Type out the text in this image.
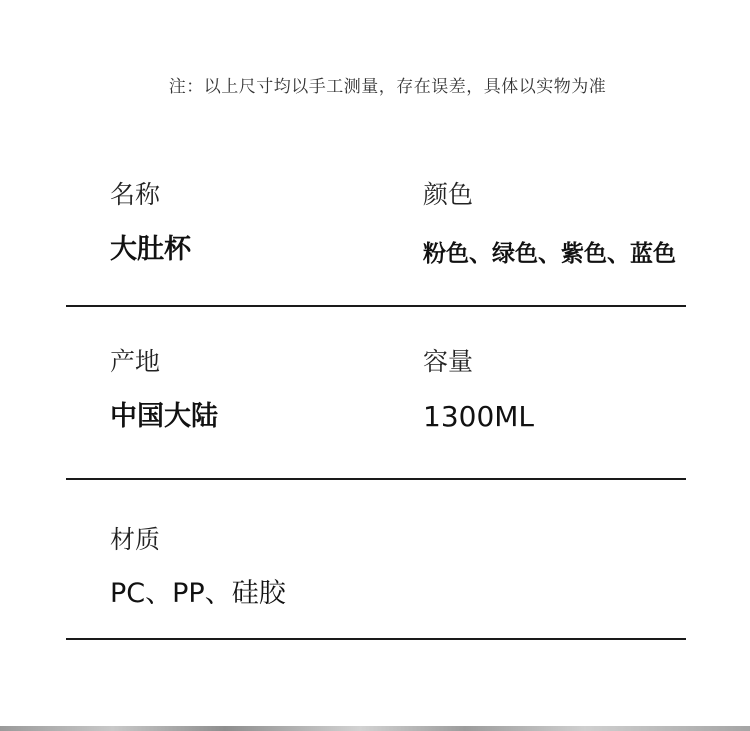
注：以上尺寸均以手工测量，存在误差，具体以实物为准
名称
大肚杯
颜色
粉色、绿色、紫色、蓝色
产地
中国大陆
容量
1300ML
材质
PC、PP、硅胶
